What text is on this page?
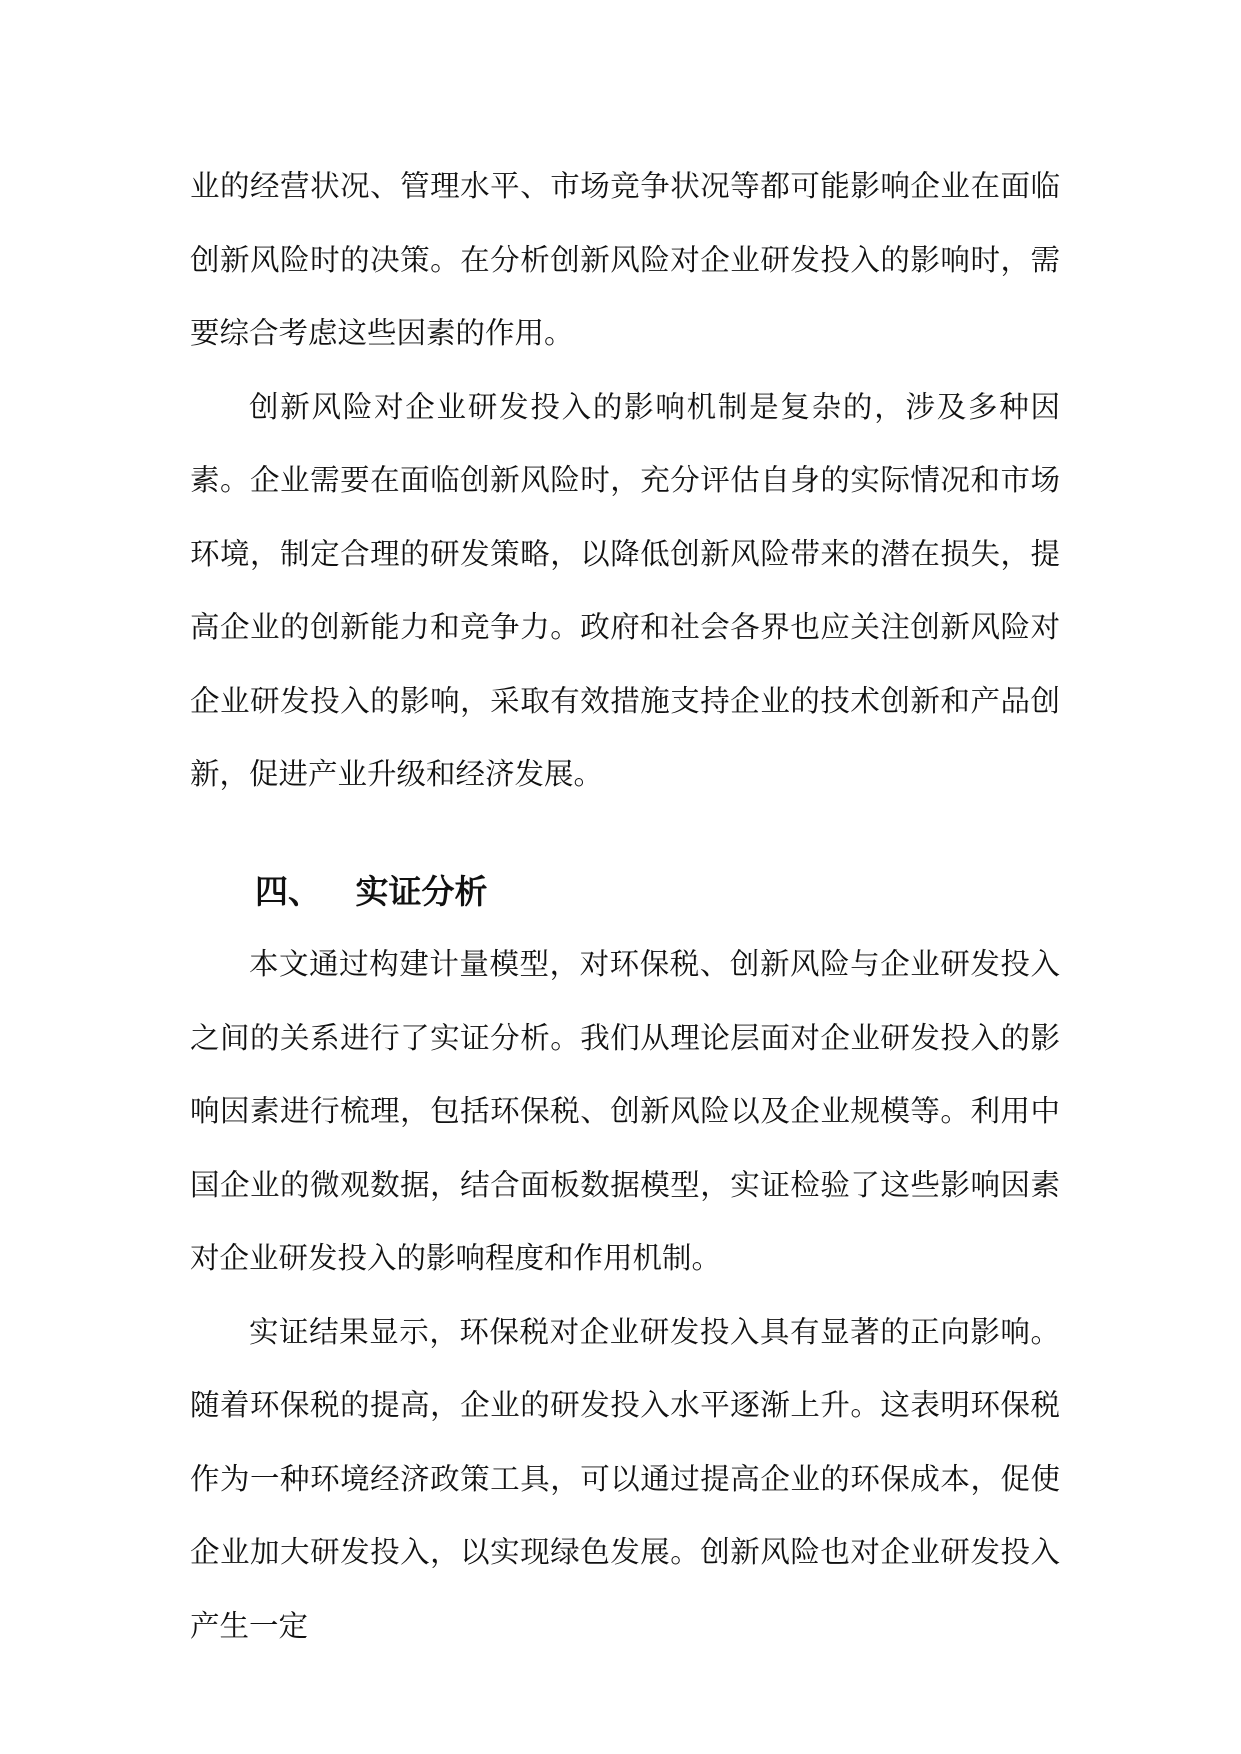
业的经营状况、管理水平、市场竞争状况等都可能影响企业在面临创新风险时的决策。在分析创新风险对企业研发投入的影响时，需要综合考虑这些因素的作用。

创新风险对企业研发投入的影响机制是复杂的，涉及多种因素。企业需要在面临创新风险时，充分评估自身的实际情况和市场环境，制定合理的研发策略，以降低创新风险带来的潜在损失，提高企业的创新能力和竞争力。政府和社会各界也应关注创新风险对企业研发投入的影响，采取有效措施支持企业的技术创新和产品创新，促进产业升级和经济发展。

四、 实证分析

本文通过构建计量模型，对环保税、创新风险与企业研发投入之间的关系进行了实证分析。我们从理论层面对企业研发投入的影响因素进行梳理，包括环保税、创新风险以及企业规模等。利用中国企业的微观数据，结合面板数据模型，实证检验了这些影响因素对企业研发投入的影响程度和作用机制。

实证结果显示，环保税对企业研发投入具有显著的正向影响。随着环保税的提高，企业的研发投入水平逐渐上升。这表明环保税作为一种环境经济政策工具，可以通过提高企业的环保成本，促使企业加大研发投入，以实现绿色发展。创新风险也对企业研发投入产生一定
